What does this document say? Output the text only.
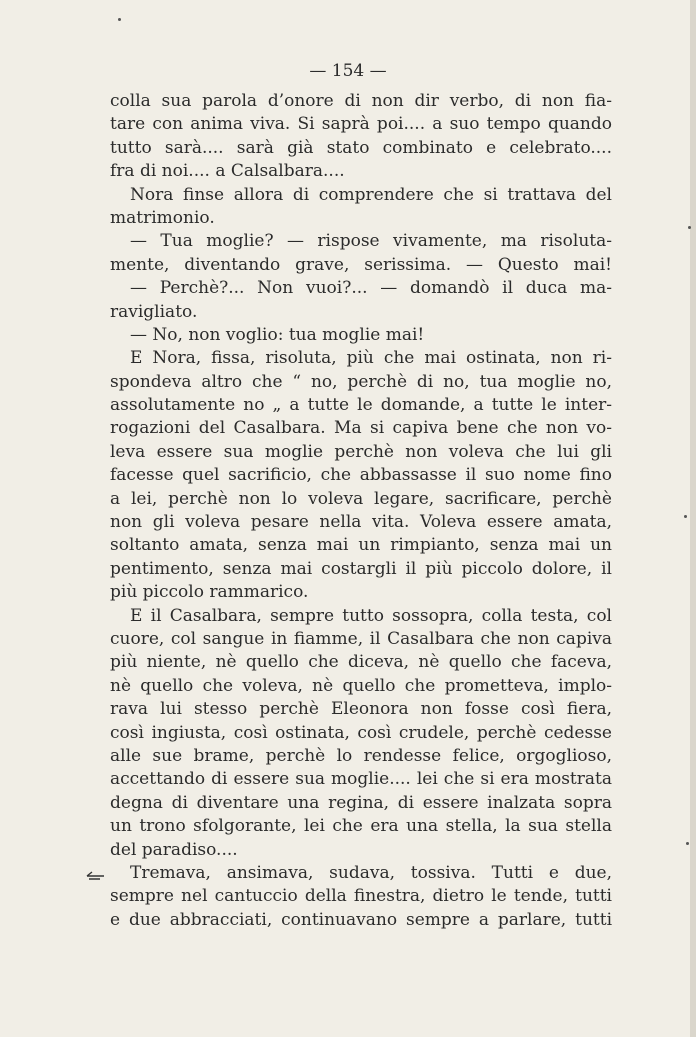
— 154 —
colla sua parola d’onore di non dir verbo, di non fia-
tare con anima viva. Si saprà poi.... a suo tempo quando
tutto sarà.... sarà già stato combinato e celebrato....
fra di noi.... a Calsalbara....
Nora finse allora di comprendere che si trattava del
matrimonio.
— Tua moglie? — rispose vivamente, ma risoluta-
mente, diventando grave, serissima. — Questo mai!
— Perchè?... Non vuoi?... — domandò il duca ma-
ravigliato.
— No, non voglio: tua moglie mai!
E Nora, fissa, risoluta, più che mai ostinata, non ri-
spondeva altro che “ no, perchè di no, tua moglie no,
assolutamente no „ a tutte le domande, a tutte le inter-
rogazioni del Casalbara. Ma si capiva bene che non vo-
leva essere sua moglie perchè non voleva che lui gli
facesse quel sacrificio, che abbassasse il suo nome fino
a lei, perchè non lo voleva legare, sacrificare, perchè
non gli voleva pesare nella vita. Voleva essere amata,
soltanto amata, senza mai un rimpianto, senza mai un
pentimento, senza mai costargli il più piccolo dolore, il
più piccolo rammarico.
E il Casalbara, sempre tutto sossopra, colla testa, col
cuore, col sangue in fiamme, il Casalbara che non capiva
più niente, nè quello che diceva, nè quello che faceva,
nè quello che voleva, nè quello che prometteva, implo-
rava lui stesso perchè Eleonora non fosse così fiera,
così ingiusta, così ostinata, così crudele, perchè cedesse
alle sue brame, perchè lo rendesse felice, orgoglioso,
accettando di essere sua moglie.... lei che si era mostrata
degna di diventare una regina, di essere inalzata sopra
un trono sfolgorante, lei che era una stella, la sua stella
del paradiso....
Tremava, ansimava, sudava, tossiva. Tutti e due,
sempre nel cantuccio della finestra, dietro le tende, tutti
e due abbracciati, continuavano sempre a parlare, tutti
